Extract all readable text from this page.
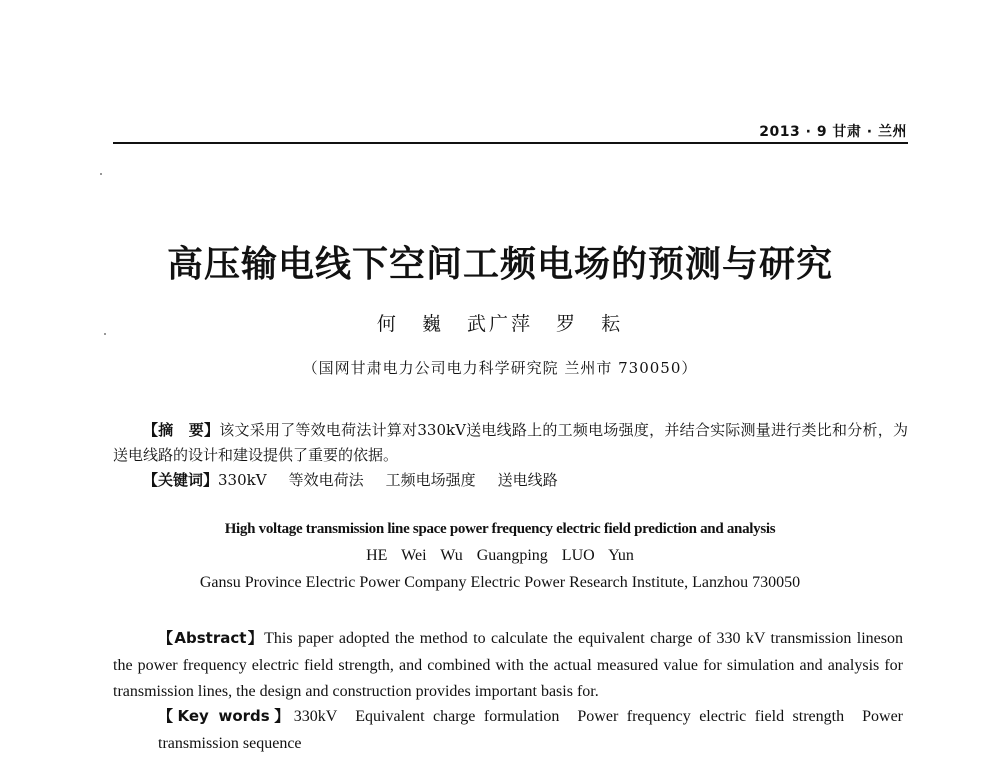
2013 · 9 甘肃 · 兰州
高压输电线下空间工频电场的预测与研究
何 巍 武广萍 罗 耘
（国网甘肃电力公司电力科学研究院 兰州市 730050）
【摘　要】该文采用了等效电荷法计算对330kV送电线路上的工频电场强度，并结合实际测量进行类比和分析，为送电线路的设计和建设提供了重要的依据。
【关键词】330kV 等效电荷法 工频电场强度 送电线路
High voltage transmission line space power frequency electric field prediction and analysis
HE Wei Wu Guangping LUO Yun
Gansu Province Electric Power Company Electric Power Research Institute, Lanzhou 730050
【Abstract】This paper adopted the method to calculate the equivalent charge of 330 kV transmission lineson the power frequency electric field strength, and combined with the actual measured value for simulation and analysis for transmission lines, the design and construction provides important basis for.
【Key words】330kV Equivalent charge formulation Power frequency electric field strength Power transmission sequence
